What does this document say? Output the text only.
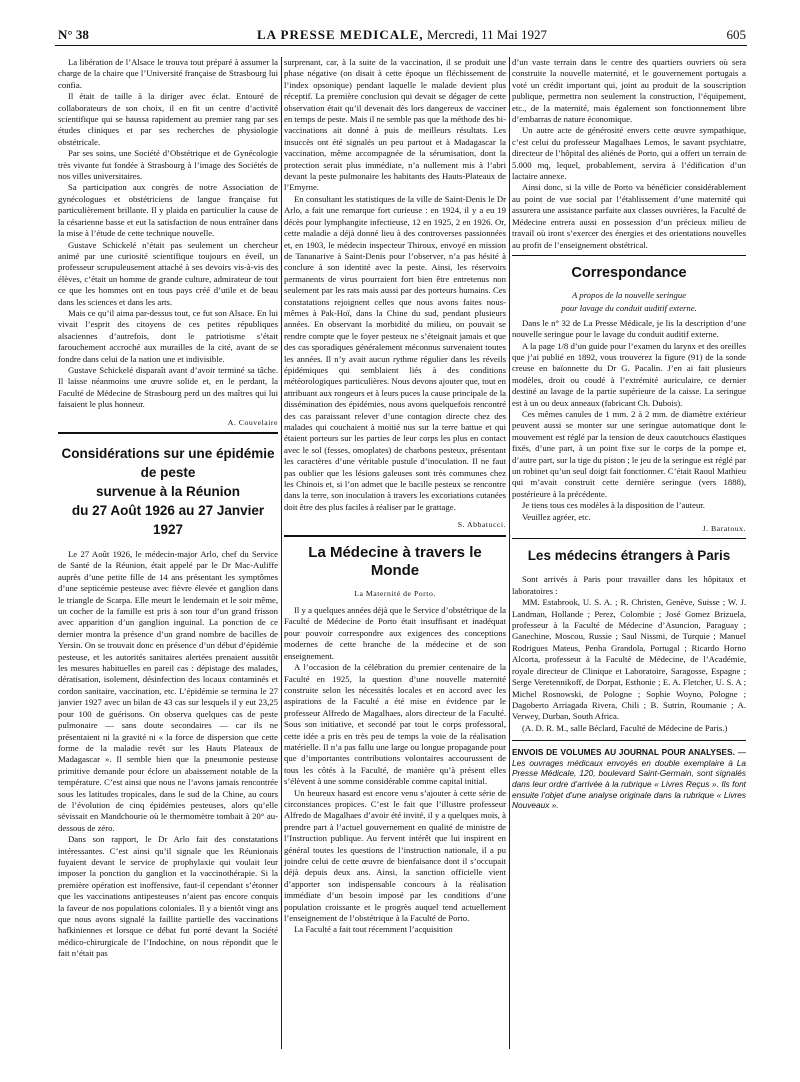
N° 38	LA PRESSE MEDICALE, Mercredi, 11 Mai 1927	605

La libération de l’Alsace le trouva tout préparé à assumer la charge de la chaire que l’Université française de Strasbourg lui confia.

Il était de taille à la diriger avec éclat. Entouré de collaborateurs de son choix, il en fit un centre d’activité scientifique qui se haussa rapidement au premier rang par ses études cliniques et par ses recherches de physiologie obstétricale.

Par ses soins, une Société d’Obstétrique et de Gynécologie très vivante fut fondée à Strasbourg à l’image des Sociétés de nos villes universitaires.

Sa participation aux congrès de notre Association de gynécologues et obstétriciens de langue française fut particulièrement brillante. Il y plaida en particulier la cause de la césarienne basse et eut la satisfaction de nous entraîner dans la mise à l’étude de cette technique nouvelle.

Gustave Schickelé n’était pas seulement un chercheur animé par une curiosité scientifique toujours en éveil, un professeur scrupuleusement attaché à ses devoirs vis-à-vis des élèves, c’était un homme de grande culture, admirateur de tout ce que les hommes ont en tous pays créé d’utile et de beau dans les sciences et dans les arts.

Mais ce qu’il aima par-dessus tout, ce fut son Alsace. En lui vivait l’esprit des citoyens de ces petites républiques alsaciennes d’autrefois, dont le patriotisme s’était farouchement accroché aux murailles de la cité, avant de se fondre dans celui de la nation une et indivisible.

Gustave Schickelé disparaît avant d’avoir terminé sa tâche. Il laisse néanmoins une œuvre solide et, en le perdant, la Faculté de Médecine de Strasbourg perd un des maîtres qui lui faisaient le plus honneur.

A. Couvelaire
Considérations sur une épidémie de peste
survenue à la Réunion
du 27 Août 1926 au 27 Janvier 1927

Le 27 Août 1926, le médecin-major Arlo, chef du Service de Santé de la Réunion, était appelé par le Dr Mac-Auliffe auprès d’une petite fille de 14 ans présentant les symptômes d’une septicémie pesteuse avec fièvre élevée et ganglion dans le triangle de Scarpa. Elle meurt le lendemain et le soir même, un cocher de la famille est pris à son tour d’un grand frisson avec apparition d’un ganglion inguinal. La ponction de ce dernier montra la présence d’un grand nombre de bacilles de Yersin. On se trouvait donc en présence d’un début d’épidémie pesteuse, et les autorités sanitaires alertées prenaient aussitôt les mesures habituelles en pareil cas : dépistage des malades, dératisation, isolement, désinfection des locaux contaminés et cordon sanitaire, vaccination, etc. L’épidémie se termina le 27 janvier 1927 avec un bilan de 43 cas sur lesquels il y eut 23,25 pour 100 de guérisons. On observa quelques cas de peste pulmonaire — sans doute secondaires — car ils ne présentaient ni la gravité ni « la force de dispersion que cette forme de la maladie revêt sur les Hauts Plateaux de Madagascar ». Il semble bien que la pneumonie pesteuse primitive demande pour éclore un abaissement notable de la température. C’est ainsi que nous ne l’avons jamais rencontrée sous les latitudes tropicales, dans le sud de la Chine, au cours de l’évolution de cinq épidémies pesteuses, alors qu’elle sévissait en Mandchourie où le thermomètre tombait à 20° au-dessous de zéro.

Dans son rapport, le Dr Arlo fait des constatations intéressantes. C’est ainsi qu’il signale que les Réunionais fuyaient devant le service de prophylaxie qui voulait leur imposer la ponction du ganglion et la vaccinothérapie. Si la première opération est inoffensive, faut-il cependant s’étonner que les vaccinations antipesteuses n’aient pas encore conquis la faveur de nos populations coloniales. Il y a bientôt vingt ans que nous avons signalé la faillite partielle des vaccinations hafkiniennes et lorsque ce débat fut porté devant la Société médico-chirurgicale de l’Indochine, on nous répondit que le fait n’était pas

surprenant, car, à la suite de la vaccination, il se produit une phase négative (on disait à cette époque un fléchissement de l’index opsonique) pendant laquelle le malade devient plus réceptif. La première conclusion qui devait se dégager de cette observation était qu’il devenait dès lors dangereux de vacciner en temps de peste. Mais il ne semble pas que la méthode des bi-vaccinations ait donné à puis de meilleurs résultats. Les insuccès ont été signalés un peu partout et à Madagascar la vaccination, même accompagnée de la sérumisation, dont la protection serait plus immédiate, n’a nullement mis à l’abri devant la peste pulmonaire les habitants des Hauts-Plateaux de l’Emyrne.

En consultant les statistiques de la ville de Saint-Denis le Dr Arlo, a fait une remarque fort curieuse : en 1924, il y a eu 19 décès pour lymphangite infectieuse, 12 en 1925, 2 en 1926. Or, cette maladie a déjà donné lieu à des controverses passionnées et, en 1903, le médecin inspecteur Thiroux, envoyé en mission de Tananarive à Saint-Denis pour l’observer, n’a pas hésité à conclure à son identité avec la peste. Ainsi, les réservoirs permanents de virus pourraient fort bien être entretenus non seulement par les rats mais aussi par des porteurs humains. Ces constatations rejoignent celles que nous avons faites nous-mêmes à Pak-Hoï, dans la Chine du sud, pendant plusieurs années. En observant la morbidité du milieu, on pouvait se rendre compte que le foyer pesteux ne s’éteignait jamais et que des cas sporadiques généralement méconnus survenaient toutes les années. Il n’y avait aucun rythme régulier dans les réveils épidémiques qui semblaient liés à des conditions météorologiques particulières. Nous devons ajouter que, tout en attribuant aux rongeurs et à leurs puces la cause principale de la dissémination des épidémies, nous avons quelquefois rencontré des cas paraissant relever d’une contagion directe chez des malades qui couchaient à moitié nus sur la terre battue et qui étaient porteurs sur les parties de leur corps les plus en contact avec le sol (fesses, omoplates) de charbons pesteux, présentant les caractères d’une véritable pustule d’inoculation. Il ne faut pas oublier que les lésions galeuses sont très communes chez les Chinois et, si l’on admet que le bacille pesteux se rencontre dans la terre, son inoculation à travers les excoriations cutanées doit être des plus faciles à réaliser par le grattage.

S. Abbatucci.
La Médecine à travers le Monde
La Maternité de Porto.

Il y a quelques années déjà que le Service d’obstétrique de la Faculté de Médecine de Porto était insuffisant et inadéquat pour pouvoir correspondre aux exigences des conceptions modernes de cette branche de la médecine et de son enseignement.

A l’occasion de la célébration du premier centenaire de la Faculté en 1925, la question d’une nouvelle maternité construite selon les nécessités locales et en accord avec les aspirations de la Faculté a été mise en évidence par le professeur Alfredo de Magalhaes, alors directeur de la Faculté. Sous son initiative, et secondé par tout le corps professoral, cette idée a pris en très peu de temps la voie de la réalisation matérielle. Il n’a pas fallu une large ou longue propagande pour que d’importantes contributions volontaires accourussent de tous les côtés à la Faculté, de manière qu’à présent elles s’élèvent à une somme considérable comme capital initial.

Un heureux hasard est encore venu s’ajouter à cette série de circonstances propices. C’est le fait que l’illustre professeur Alfredo de Magalhaes d’avoir été invité, il y a quelques mois, à prendre part à l’actuel gouvernement en qualité de ministre de l’Instruction publique. Au fervent intérêt que lui inspirent en général toutes les questions de l’instruction nationale, il a pu joindre celui de cette œuvre de bienfaisance dont il s’occupait déjà depuis deux ans. Ainsi, la sanction officielle vient d’apporter son indispensable concours à la réalisation immédiate d’un besoin imposé par les conditions d’une population croissante et le progrès auquel tend actuellement l’enseignement de l’obstétrique à la Faculté de Porto.

La Faculté a fait tout récemment l’acquisition

d’un vaste terrain dans le centre des quartiers ouvriers où sera construite la nouvelle maternité, et le gouvernement portugais a voté un crédit important qui, joint au produit de la souscription publique, permettra non seulement la construction, l’équipement, etc., de la maternité, mais également son fonctionnement libre d’embarras de nature économique.

Un autre acte de générosité envers cette œuvre sympathique, c’est celui du professeur Magalhaes Lemos, le savant psychiatre, directeur de l’hôpital des aliénés de Porto, qui a offert un terrain de 5.000 mq, lequel, probablement, servira à l’édification d’un lactaire annexe.

Ainsi donc, si la ville de Porto va bénéficier considérablement au point de vue social par l’établissement d’une maternité qui assurera une assistance parfaite aux classes ouvrières, la Faculté de Médecine entrera aussi en possession d’un précieux milieu de travail où iront s’exercer des énergies et des orientations nouvelles au profit de l’enseignement obstétrical.

Correspondance
A propos de la nouvelle seringue
pour lavage du conduit auditif externe.

Dans le n° 32 de La Presse Médicale, je lis la description d’une nouvelle seringue pour le lavage du conduit auditif externe.

A la page 1/8 d’un guide pour l’examen du larynx et des oreilles que j’ai publié en 1892, vous trouverez la figure (91) de la sonde creuse en baïonnette du Dr G. Pacalin. J’en ai fait plusieurs modèles, droit ou coudé à l’extrémité auriculaire, ce dernier destiné au lavage de la partie supérieure de la caisse. La seringue est à un ou deux anneaux (fabricant Ch. Dubois).

Ces mêmes canules de 1 mm. 2 à 2 mm. de diamètre extérieur peuvent aussi se monter sur une seringue automatique dont le mouvement est réglé par la tension de deux caoutchoucs élastiques fixés, d’une part, à un point fixe sur le corps de la pompe et, d’autre part, sur la tige du piston ; le jeu de la seringue est réglé par un robinet qu’un seul doigt fait fonctionner. C’était Raoul Mathieu qui m’avait construit cette dernière seringue (vers 1888), postérieure à la précédente.

Je tiens tous ces modèles à la disposition de l’auteur.

Veuillez agréer, etc.

J. Baratoux.
Les médecins étrangers à Paris

Sont arrivés à Paris pour travailler dans les hôpitaux et laboratoires :

MM. Estabrook, U. S. A. ; R. Christen, Genève, Suisse ; W. J. Landman, Hollande ; Perez, Colombie ; José Gomez Brizuela, professeur à la Faculté de Médecine d’Asuncion, Paraguay ; Ganechine, Moscou, Russie ; Saul Nissmi, de Turquie ; Manuel Rodrigues Mateus, Penha Grandola, Portugal ; Ricardo Horno Alcorta, professeur à la Faculté de Médecine, de l’Académie, royale directeur de Clinique et Laboratoire, Saragosse, Espagne ; Serge Veretennikoff, de Dorpat, Esthonie ; E. A. Fletcher, U. S. A ; Michel Rosnowski, de Pologne ; Sophie Woyno, Pologne ; Dagoberto Arriagada Rivera, Chili ; B. Sutrin, Roumanie ; A. Verwey, Durban, South Africa.

(A. D. R. M., salle Béclard, Faculté de Médecine de Paris.)

ENVOIS DE VOLUMES AU JOURNAL POUR ANALYSES. — Les ouvrages médicaux envoyés en double exemplaire à La Presse Médicale, 120, boulevard Saint-Germain, sont signalés dans leur ordre d’arrivée à la rubrique « Livres Reçus ». Ils font ensuite l’objet d’une analyse originale dans la rubrique « Livres Nouveaux ».
